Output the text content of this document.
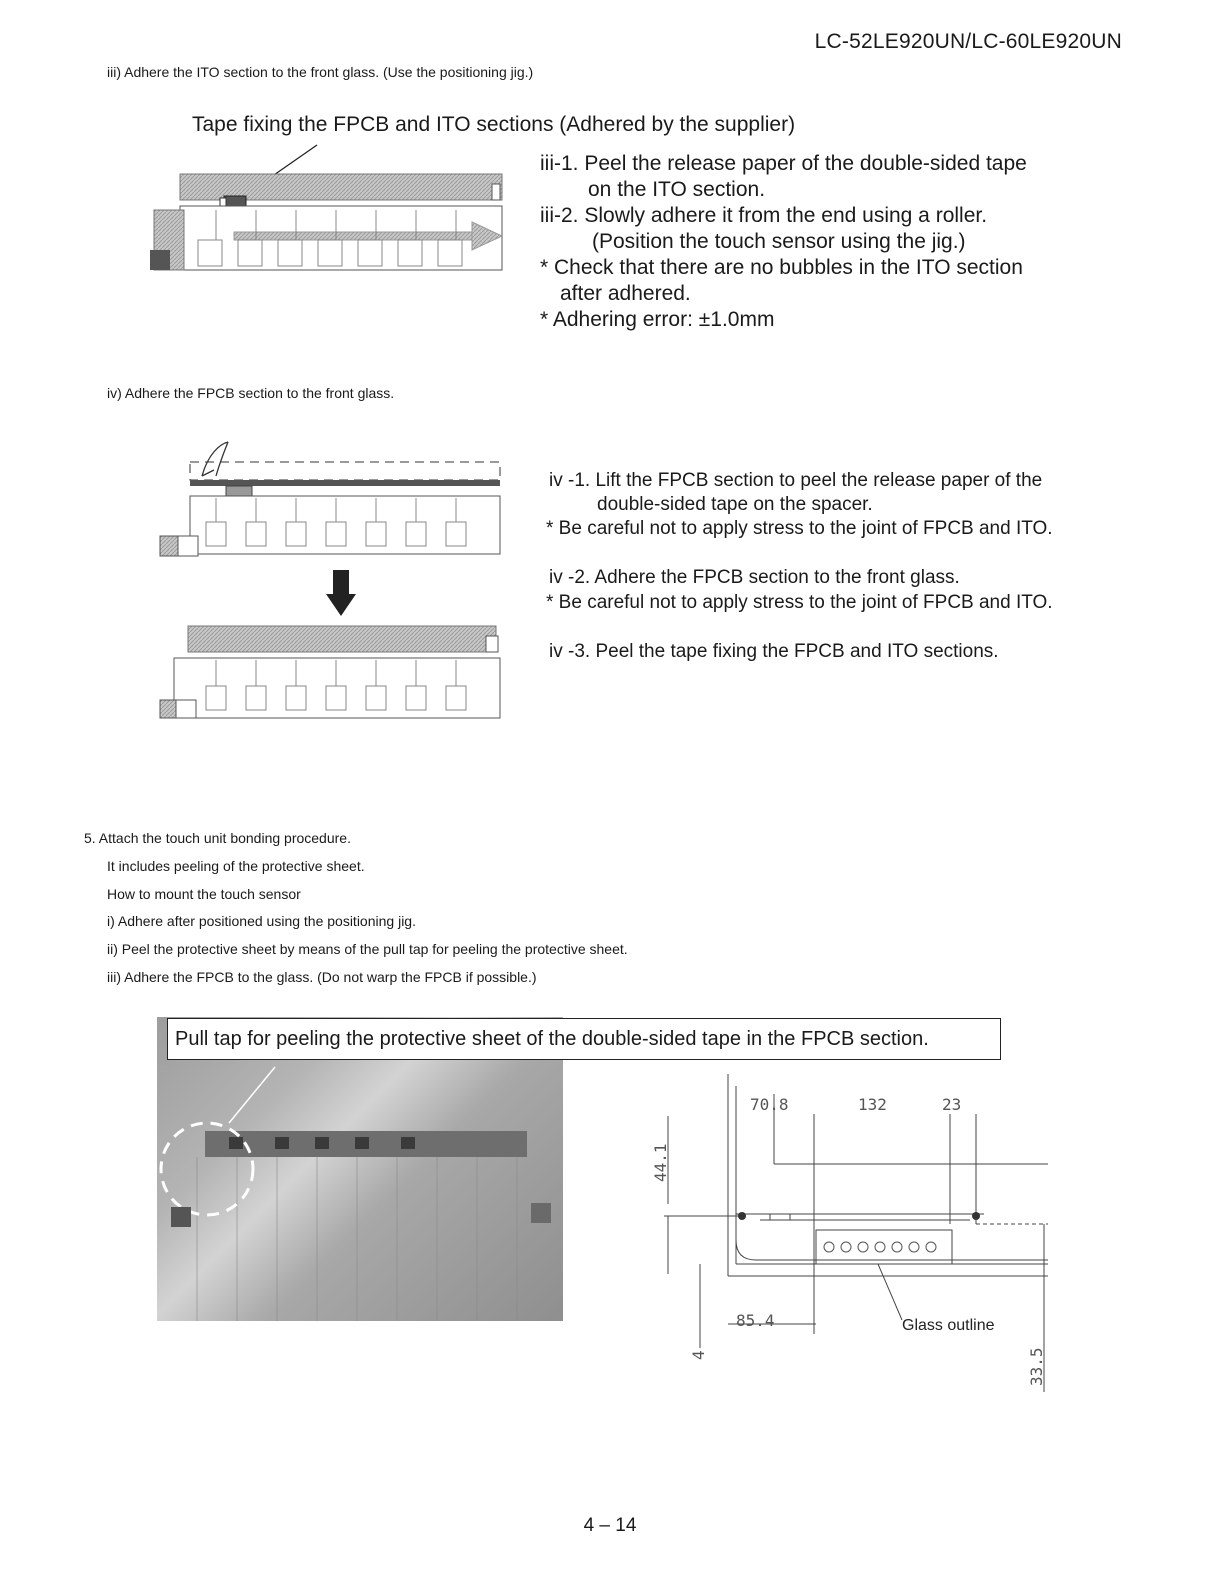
LC-52LE920UN/LC-60LE920UN
iii) Adhere the ITO section to the front glass. (Use the positioning jig.)
Tape fixing the FPCB and ITO sections (Adhered by the supplier)
iii-1. Peel the release paper of the double-sided tape
on the ITO section.
iii-2. Slowly adhere it from the end using a roller.
(Position the touch sensor using the jig.)
* Check that there are no bubbles in the ITO section
after adhered.
* Adhering error: ±1.0mm
iv) Adhere the FPCB section to the front glass.
iv -1. Lift the FPCB section to peel the release paper of the
double-sided tape on the spacer.
* Be careful not to apply stress to the joint of FPCB and ITO.
iv -2. Adhere the FPCB section to the front glass.
* Be careful not to apply stress to the joint of FPCB and ITO.
iv -3. Peel the tape fixing the FPCB and ITO sections.
5. Attach the touch unit bonding procedure.
It includes peeling of the protective sheet.
How to mount the touch sensor
i) Adhere after positioned using the positioning jig.
ii) Peel the protective sheet by means of the pull tap for peeling the protective sheet.
iii) Adhere the FPCB to the glass. (Do not warp the FPCB if possible.)
Pull tap for peeling the protective sheet of the double-sided tape in the FPCB section.
70.8	132	23
85.4
44.1
4	33.5
Glass outline
4 – 14
